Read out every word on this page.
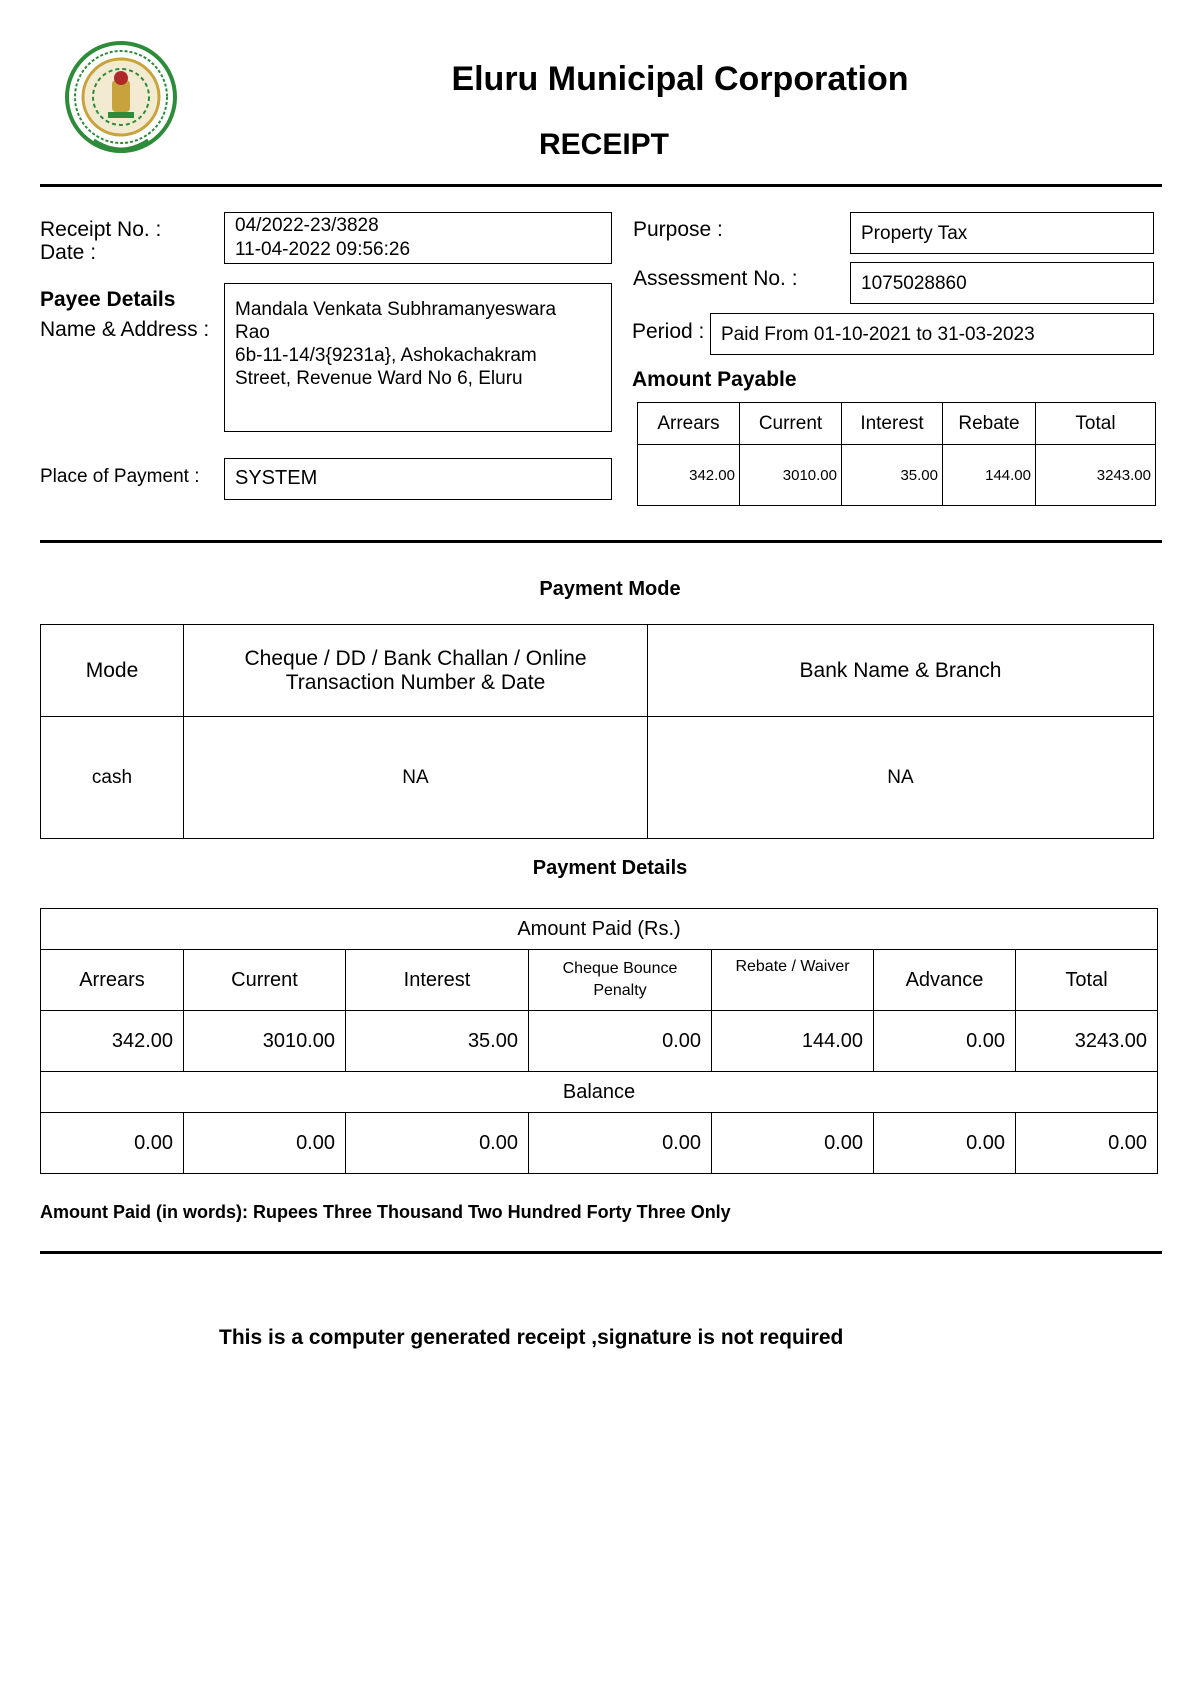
Eluru Municipal Corporation
RECEIPT
Receipt No. :
Date :
04/2022-23/3828
11-04-2022 09:56:26
Payee Details
Name & Address :
Mandala Venkata Subhramanyeswara
Rao
6b-11-14/3{9231a}, Ashokachakram
Street, Revenue Ward No 6, Eluru
Place of Payment :	SYSTEM
Purpose :	Property Tax
Assessment No. :	1075028860
Period : Paid From 01-10-2021 to 31-03-2023
Amount Payable
Arrears	Current	Interest	Rebate	Total
342.00	3010.00	35.00	144.00	3243.00
Payment Mode
Mode	Cheque / DD / Bank Challan / Online Transaction Number & Date	Bank Name & Branch
cash	NA	NA
Payment Details
Amount Paid (Rs.)						
Arrears	Current	Interest	Cheque Bounce Penalty	Rebate / Waiver	Advance	Total
342.00	3010.00	35.00	0.00	144.00	0.00	3243.00
Balance						
0.00	0.00	0.00	0.00	0.00	0.00	0.00
Amount Paid (in words): Rupees Three Thousand Two Hundred Forty Three Only
This is a computer generated receipt ,signature is not required
